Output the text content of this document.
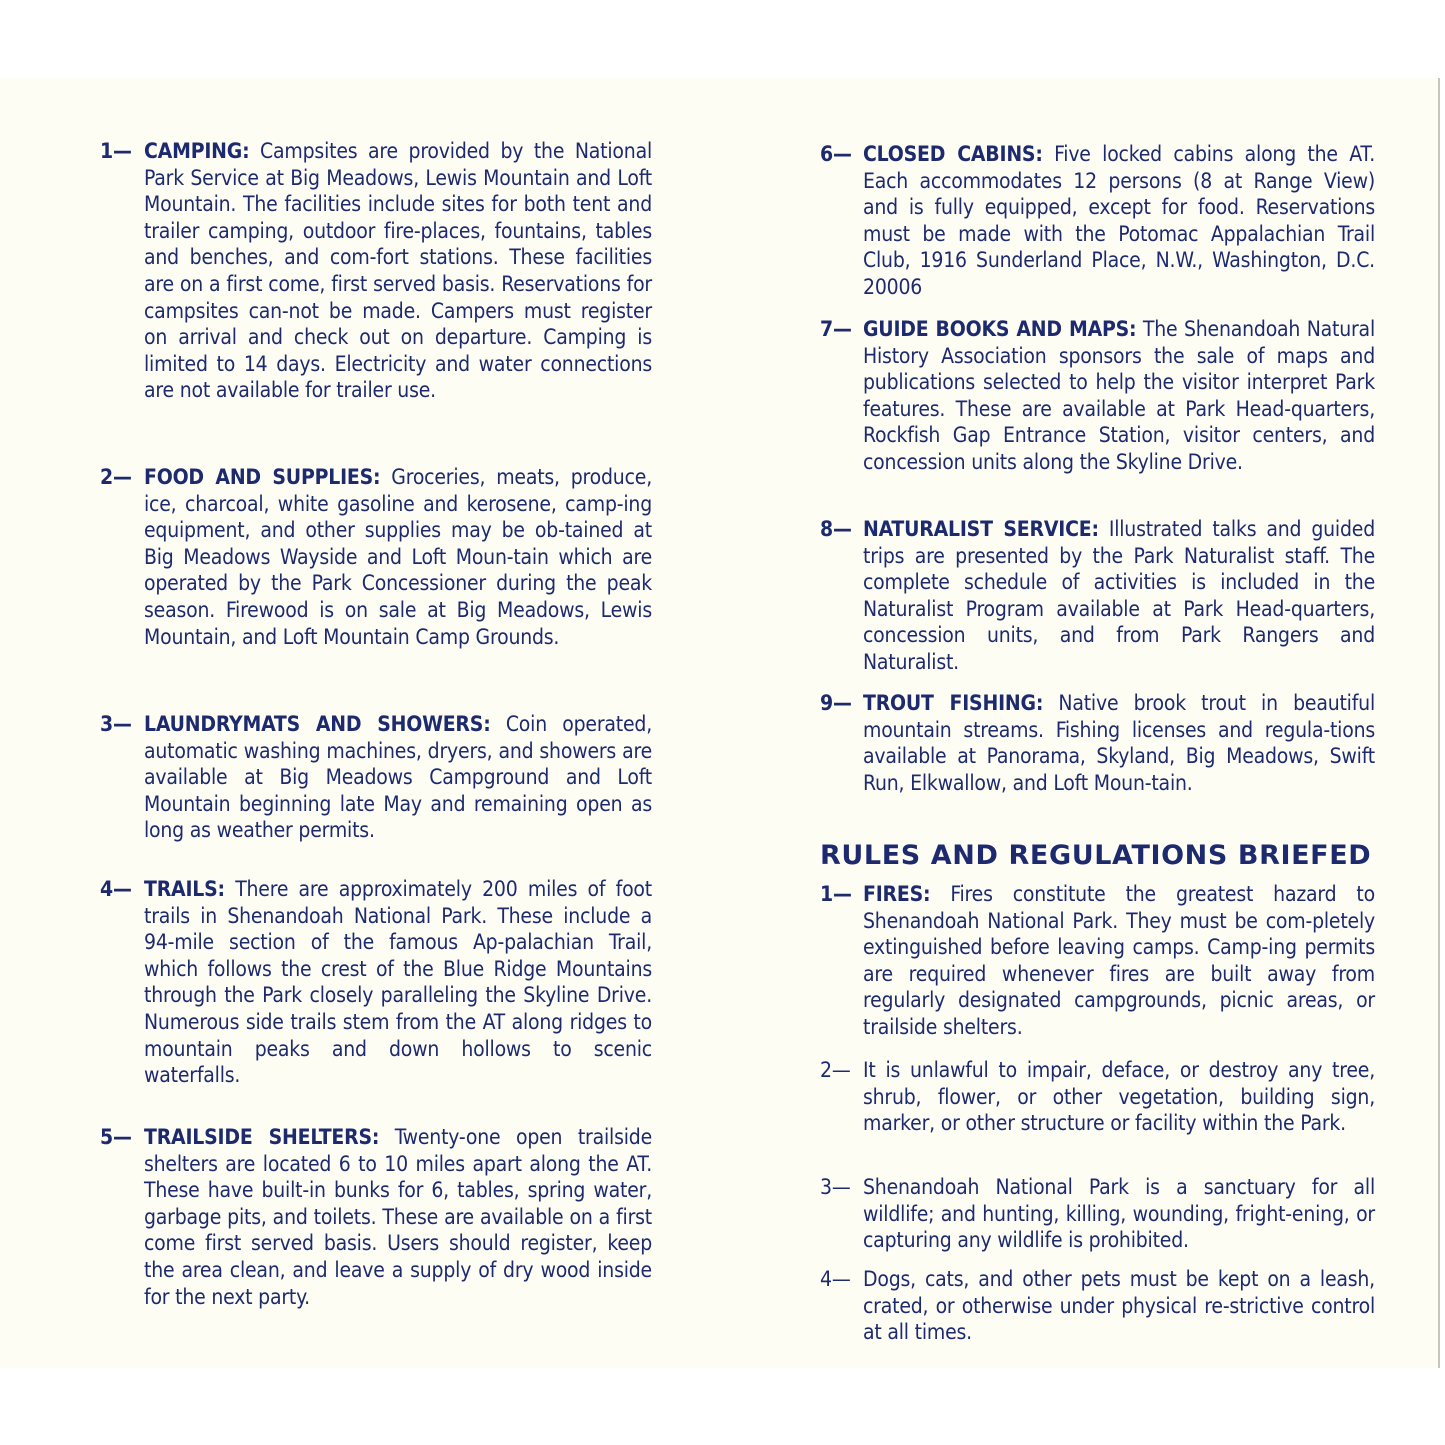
1— CAMPING: Campsites are provided by the National Park Service at Big Meadows, Lewis Mountain and Loft Mountain. The facilities include sites for both tent and trailer camping, outdoor fire-places, fountains, tables and benches, and com-fort stations. These facilities are on a first come, first served basis. Reservations for campsites can-not be made. Campers must register on arrival and check out on departure. Camping is limited to 14 days. Electricity and water connections are not available for trailer use.

2— FOOD AND SUPPLIES: Groceries, meats, produce, ice, charcoal, white gasoline and kerosene, camp-ing equipment, and other supplies may be ob-tained at Big Meadows Wayside and Loft Moun-tain which are operated by the Park Concessioner during the peak season. Firewood is on sale at Big Meadows, Lewis Mountain, and Loft Mountain Camp Grounds.

3— LAUNDRYMATS AND SHOWERS: Coin operated, automatic washing machines, dryers, and showers are available at Big Meadows Campground and Loft Mountain beginning late May and remaining open as long as weather permits.

4— TRAILS: There are approximately 200 miles of foot trails in Shenandoah National Park. These include a 94-mile section of the famous Ap-palachian Trail, which follows the crest of the Blue Ridge Mountains through the Park closely paralleling the Skyline Drive. Numerous side trails stem from the AT along ridges to mountain peaks and down hollows to scenic waterfalls.

5— TRAILSIDE SHELTERS: Twenty-one open trailside shelters are located 6 to 10 miles apart along the AT. These have built-in bunks for 6, tables, spring water, garbage pits, and toilets. These are available on a first come first served basis. Users should register, keep the area clean, and leave a supply of dry wood inside for the next party.

6— CLOSED CABINS: Five locked cabins along the AT. Each accommodates 12 persons (8 at Range View) and is fully equipped, except for food. Reservations must be made with the Potomac Appalachian Trail Club, 1916 Sunderland Place, N.W., Washington, D.C. 20006

7— GUIDE BOOKS AND MAPS: The Shenandoah Natural History Association sponsors the sale of maps and publications selected to help the visitor interpret Park features. These are available at Park Head-quarters, Rockfish Gap Entrance Station, visitor centers, and concession units along the Skyline Drive.

8— NATURALIST SERVICE: Illustrated talks and guided trips are presented by the Park Naturalist staff. The complete schedule of activities is included in the Naturalist Program available at Park Head-quarters, concession units, and from Park Rangers and Naturalist.

9— TROUT FISHING: Native brook trout in beautiful mountain streams. Fishing licenses and regula-tions available at Panorama, Skyland, Big Meadows, Swift Run, Elkwallow, and Loft Moun-tain.

RULES AND REGULATIONS BRIEFED

1— FIRES: Fires constitute the greatest hazard to Shenandoah National Park. They must be com-pletely extinguished before leaving camps. Camp-ing permits are required whenever fires are built away from regularly designated campgrounds, picnic areas, or trailside shelters.

2— It is unlawful to impair, deface, or destroy any tree, shrub, flower, or other vegetation, building sign, marker, or other structure or facility within the Park.

3— Shenandoah National Park is a sanctuary for all wildlife; and hunting, killing, wounding, fright-ening, or capturing any wildlife is prohibited.

4— Dogs, cats, and other pets must be kept on a leash, crated, or otherwise under physical re-strictive control at all times.
